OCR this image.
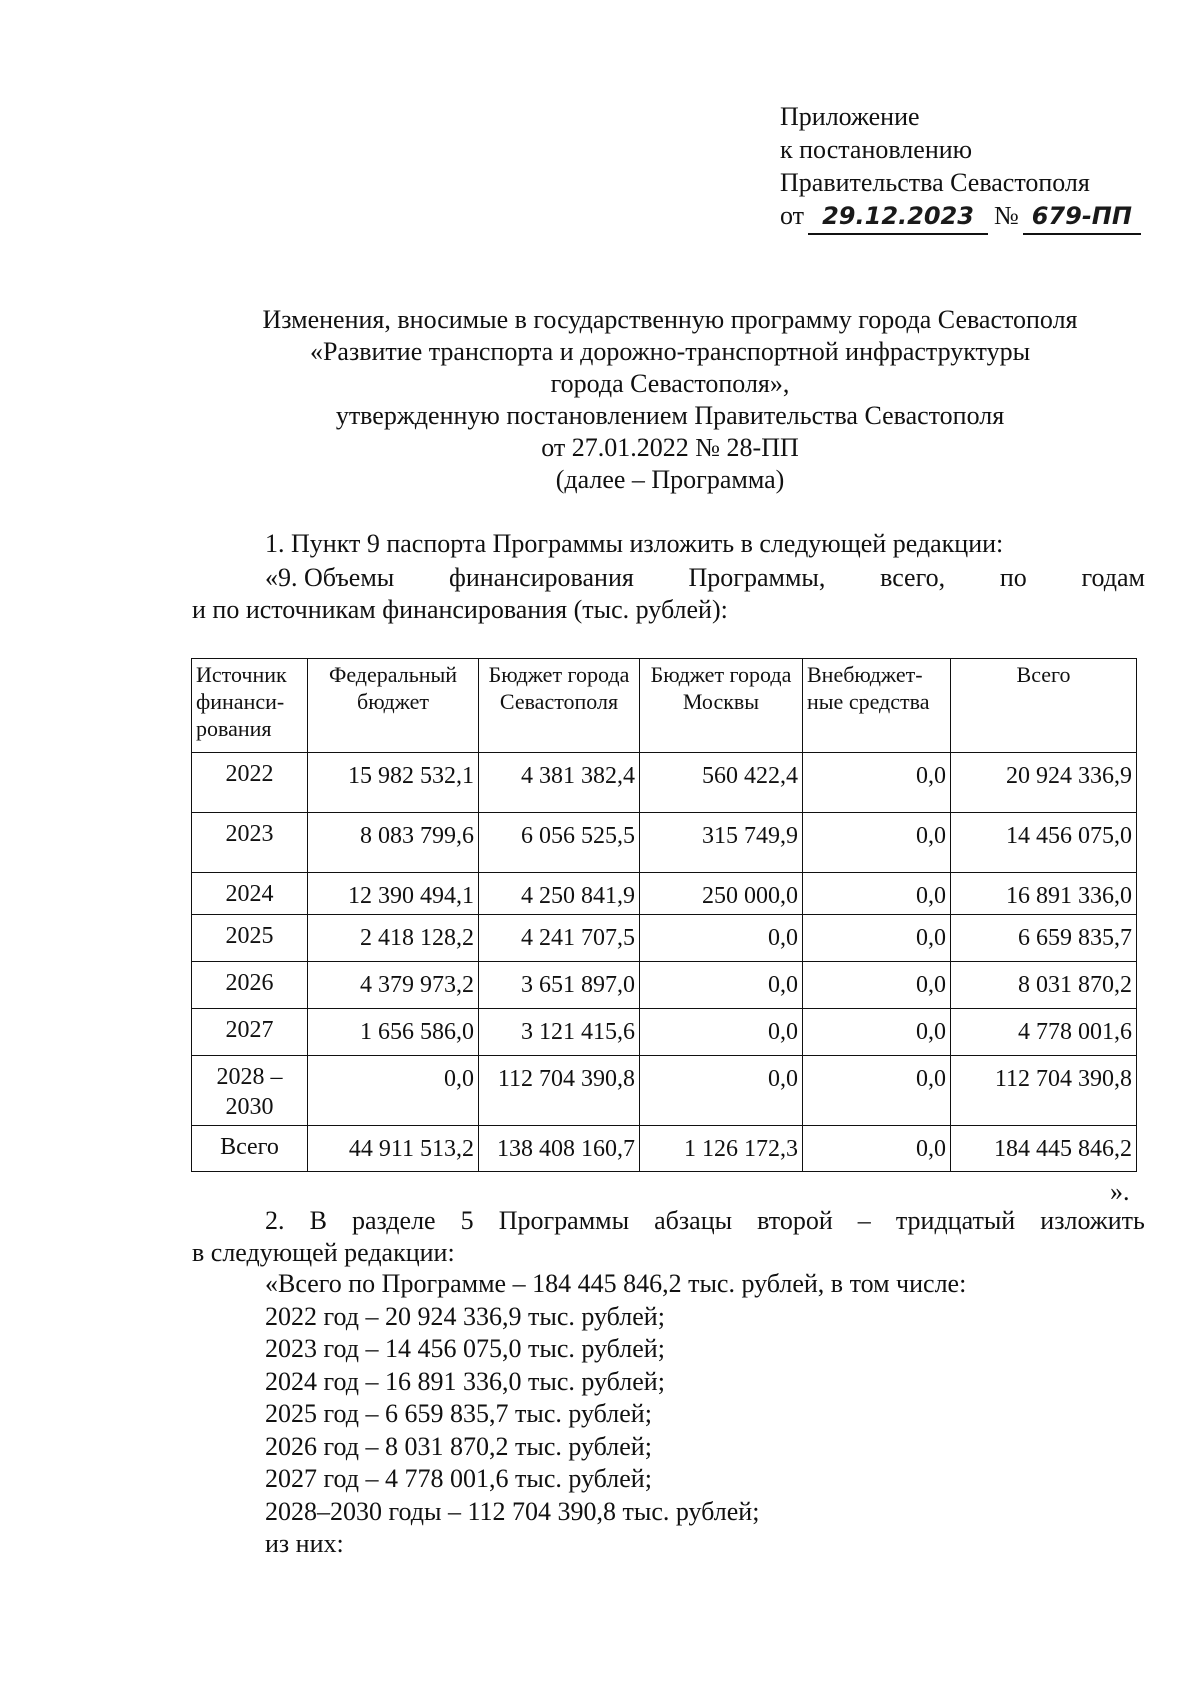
Приложение
к постановлению
Правительства Севастополя
от 29.12.2023 № 679-ПП
Изменения, вносимые в государственную программу города Севастополя
«Развитие транспорта и дорожно-транспортной инфраструктуры
города Севастополя»,
утвержденную постановлением Правительства Севастополя
от 27.01.2022 № 28-ПП
(далее – Программа)
1. Пункт 9 паспорта Программы изложить в следующей редакции:
«9. Объемы финансирования Программы, всего, по годам
и по источникам финансирования (тыс. рублей):
Источник финанси-рования	Федеральный бюджет	Бюджет города Севастополя	Бюджет города Москвы	Внебюджет-ные средства	Всего
2022	15 982 532,1	4 381 382,4	560 422,4	0,0	20 924 336,9
2023	8 083 799,6	6 056 525,5	315 749,9	0,0	14 456 075,0
2024	12 390 494,1	4 250 841,9	250 000,0	0,0	16 891 336,0
2025	2 418 128,2	4 241 707,5	0,0	0,0	6 659 835,7
2026	4 379 973,2	3 651 897,0	0,0	0,0	8 031 870,2
2027	1 656 586,0	3 121 415,6	0,0	0,0	4 778 001,6
2028 – 2030	0,0	112 704 390,8	0,0	0,0	112 704 390,8
Всего	44 911 513,2	138 408 160,7	1 126 172,3	0,0	184 445 846,2
».
2. В разделе 5 Программы абзацы второй – тридцатый изложить
в следующей редакции:
«Всего по Программе – 184 445 846,2 тыс. рублей, в том числе:
2022 год – 20 924 336,9 тыс. рублей;
2023 год – 14 456 075,0 тыс. рублей;
2024 год – 16 891 336,0 тыс. рублей;
2025 год – 6 659 835,7 тыс. рублей;
2026 год – 8 031 870,2 тыс. рублей;
2027 год – 4 778 001,6 тыс. рублей;
2028–2030 годы – 112 704 390,8 тыс. рублей;
из них:
